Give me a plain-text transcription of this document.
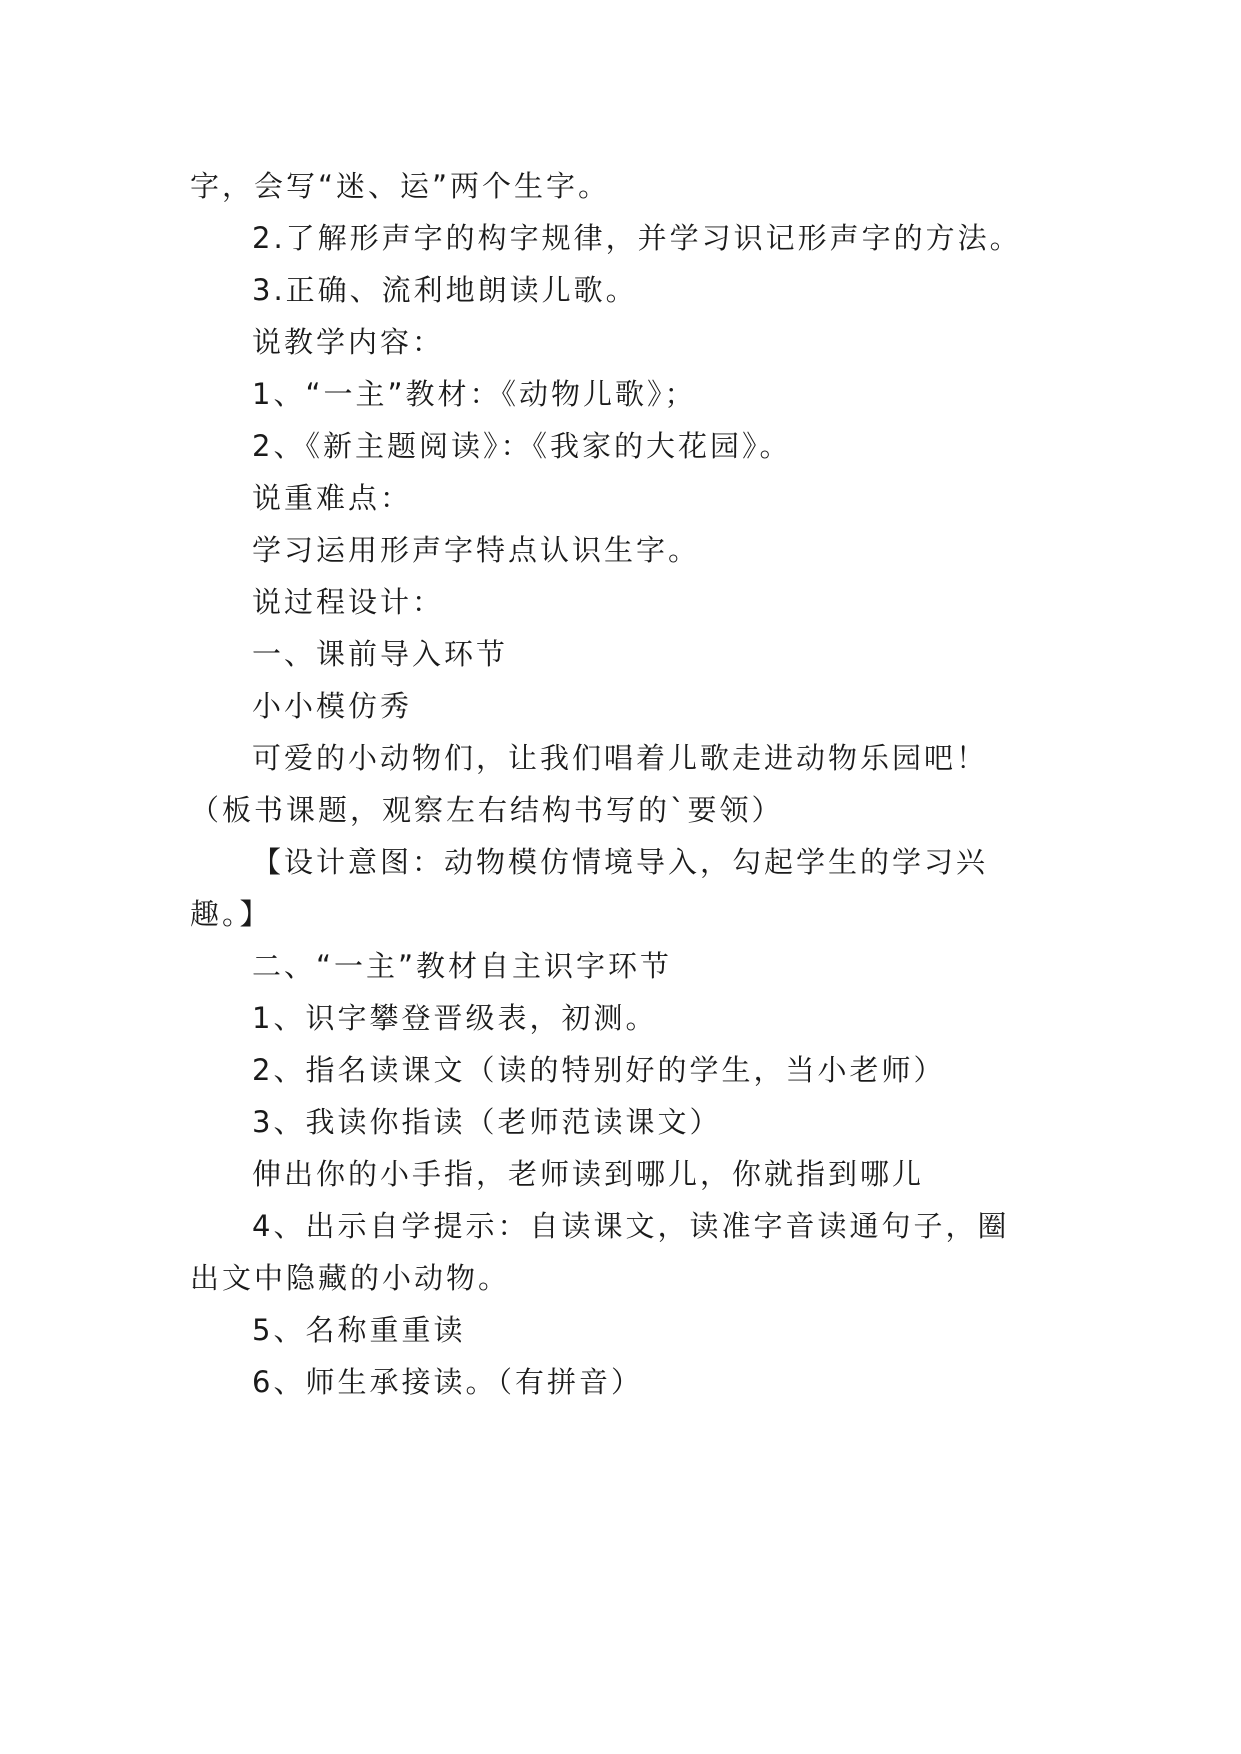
字，会写“迷、运”两个生字。
2.了解形声字的构字规律，并学习识记形声字的方法。
3.正确、流利地朗读儿歌。
说教学内容：
1、“一主”教材：《动物儿歌》；
2、《新主题阅读》：《我家的大花园》。
说重难点：
学习运用形声字特点认识生字。
说过程设计：
一、课前导入环节
小小模仿秀
可爱的小动物们，让我们唱着儿歌走进动物乐园吧！
（板书课题，观察左右结构书写的`要领）
【设计意图：动物模仿情境导入，勾起学生的学习兴
趣。】
二、“一主”教材自主识字环节
1、识字攀登晋级表，初测。
2、指名读课文（读的特别好的学生，当小老师）
3、我读你指读（老师范读课文）
伸出你的小手指，老师读到哪儿，你就指到哪儿
4、出示自学提示：自读课文，读准字音读通句子，圈
出文中隐藏的小动物。
5、名称重重读
6、师生承接读。（有拼音）
